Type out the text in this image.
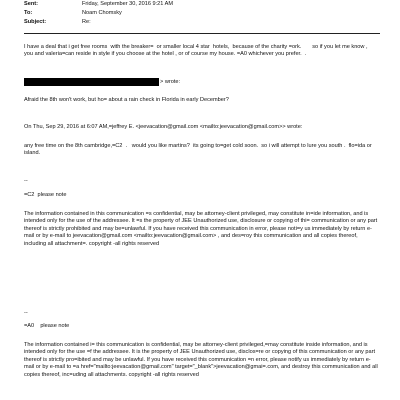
Sent:	Friday, September 30, 2016 9:21 AM
To:	Noam Chomsky
Subject:	Re:

I have a deal that i get free rooms  with the breaker=  or smaller local 4 star  hotels,  because of the charity =ork.       so if you let me know , you and valeria=can reside in style if you choose at the hotel , or of course my house. =A0 whichever you prefer.  .

> wrote:

Afraid the 8th won't work, but ho= about a rain check in Florida in early December?

On Thu, Sep 29, 2016 at 6:07 AM,=jeffrey E. <jeevacation@gmail.com <mailto:jeevacation@gmail.com>> wrote:

any free time on the 8th cambridge,=C2  .   would you like martins?  its going to=get cold soon.  so i will attempt to lure you south .  flo=ida or island.

--

=C2  please note

The information contained in this communication =s confidential, may be attorney-client privileged, may constitute in=ide information, and is intended only for the use of the addressee. It =s the property of JEE Unauthorized use, disclosure or copying of thi= communication or any part thereof is strictly prohibited and may be=unlawful. If you have received this communication in error, please noti=y us immediately by return e-mail or by e-mail to jeevacation@gmail.com <mailto:jeevacation@gmail.com> , and des=roy this communication and all copies thereof, including all attachment=. copyright -all rights reserved

--

=A0    please note

The information contained i= this communication is confidential, may be attorney-client privileged,=may constitute inside information, and is intended only for the use =f the addressee. It is the property of JEE Unauthorized use, disclos=re or copying of this communication or any part thereof is strictly pro=ibited and may be unlawful. If you have received this communication =n error, please notify us immediately by return e-mail or by e-mail to =a href="mailto:jeevacation@gmail.com" target="_blank">jeevacation@gmai=.com, and destroy this communication and all copies thereof, inc=uding all attachments. copyright -all rights reserved
